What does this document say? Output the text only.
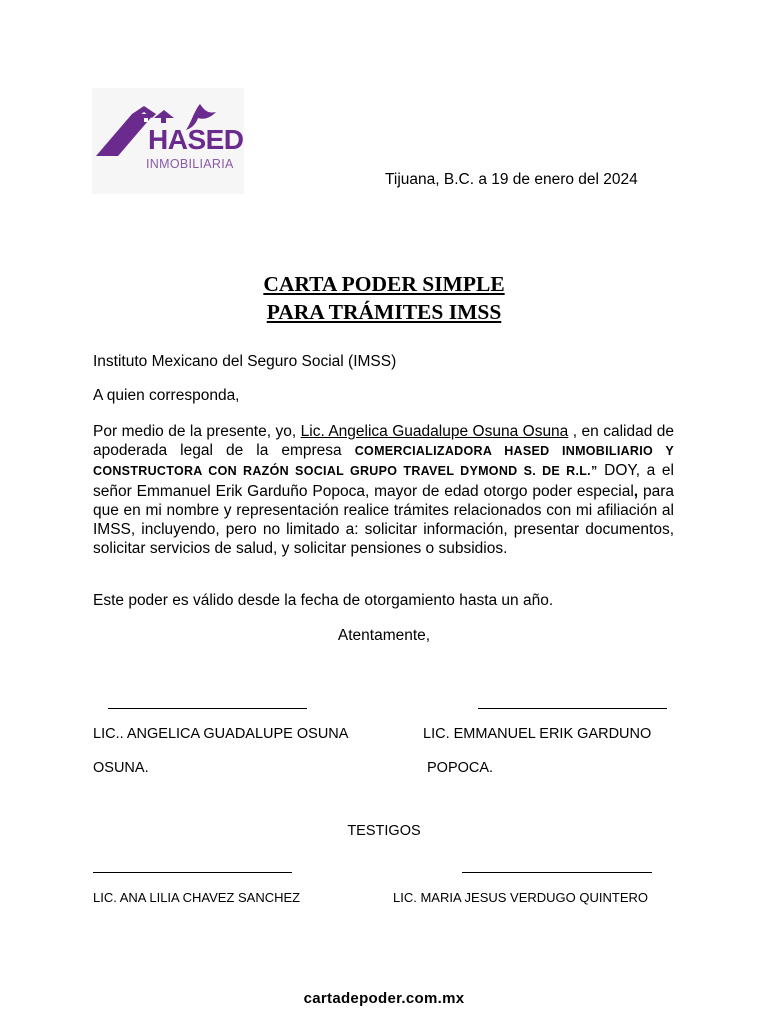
HASED
INMOBILIARIA
Tijuana, B.C. a 19 de enero del 2024
CARTA PODER SIMPLE
PARA TRÁMITES IMSS
Instituto Mexicano del Seguro Social (IMSS)
A quien corresponda,
Por medio de la presente, yo, Lic. Angelica Guadalupe Osuna Osuna , en calidad de apoderada legal de la empresa COMERCIALIZADORA HASED INMOBILIARIO Y CONSTRUCTORA CON RAZÓN SOCIAL GRUPO TRAVEL DYMOND S. DE R.L.” DOY, a el señor Emmanuel Erik Garduño Popoca, mayor de edad otorgo poder especial, para que en mi nombre y representación realice trámites relacionados con mi afiliación al IMSS, incluyendo, pero no limitado a: solicitar información, presentar documentos, solicitar servicios de salud, y solicitar pensiones o subsidios.
Este poder es válido desde la fecha de otorgamiento hasta un año.
Atentamente,
LIC.. ANGELICA GUADALUPE OSUNA
OSUNA.
LIC. EMMANUEL ERIK GARDUNO
POPOCA.
TESTIGOS
LIC. ANA LILIA CHAVEZ SANCHEZ	LIC. MARIA JESUS VERDUGO QUINTERO
cartadepoder.com.mx
